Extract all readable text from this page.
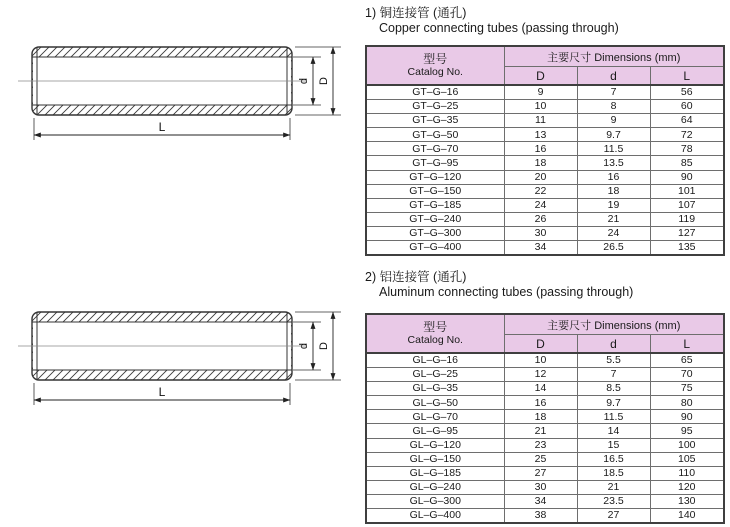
1) 铜连接管 (通孔)
Copper connecting tubes (passing through)
d D
L
型号
Catalog No.	主要尺寸 Dimensions (mm)		
	D	d	L
GT–G–16	9	7	56
GT–G–25	10	8	60
GT–G–35	11	9	64
GT–G–50	13	9.7	72
GT–G–70	16	11.5	78
GT–G–95	18	13.5	85
GT–G–120	20	16	90
GT–G–150	22	18	101
GT–G–185	24	19	107
GT–G–240	26	21	119
GT–G–300	30	24	127
GT–G–400	34	26.5	135
2) 铝连接管 (通孔)
Aluminum connecting tubes (passing through)
d D
L
型号
Catalog No.	主要尺寸 Dimensions (mm)		
	D	d	L
GL–G–16	10	5.5	65
GL–G–25	12	7	70
GL–G–35	14	8.5	75
GL–G–50	16	9.7	80
GL–G–70	18	11.5	90
GL–G–95	21	14	95
GL–G–120	23	15	100
GL–G–150	25	16.5	105
GL–G–185	27	18.5	110
GL–G–240	30	21	120
GL–G–300	34	23.5	130
GL–G–400	38	27	140
